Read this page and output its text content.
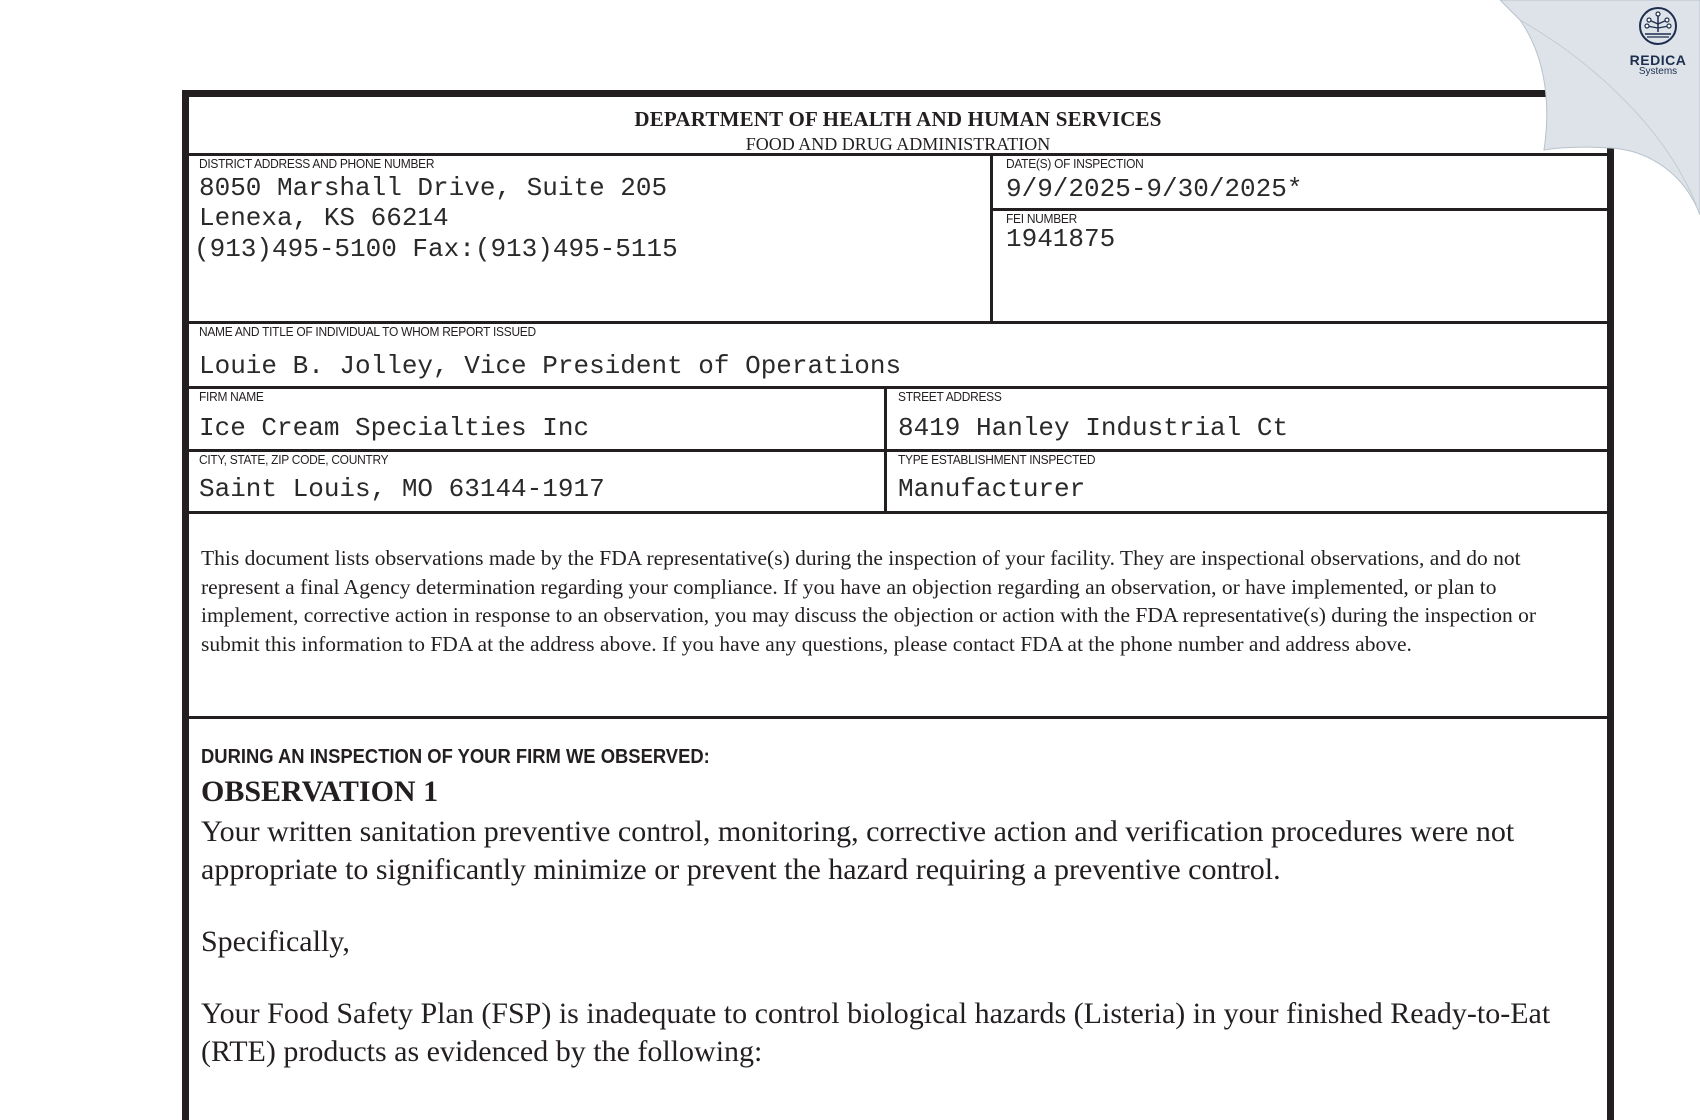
DEPARTMENT OF HEALTH AND HUMAN SERVICES
FOOD AND DRUG ADMINISTRATION
DISTRICT ADDRESS AND PHONE NUMBER
8050 Marshall Drive, Suite 205
Lenexa, KS 66214
(913)495-5100 Fax:(913)495-5115
DATE(S) OF INSPECTION
9/9/2025-9/30/2025*
FEI NUMBER
1941875
NAME AND TITLE OF INDIVIDUAL TO WHOM REPORT ISSUED
Louie B. Jolley, Vice President of Operations
FIRM NAME
Ice Cream Specialties Inc
STREET ADDRESS
8419 Hanley Industrial Ct
CITY, STATE, ZIP CODE, COUNTRY
Saint Louis, MO 63144-1917
TYPE ESTABLISHMENT INSPECTED
Manufacturer
This document lists observations made by the FDA representative(s) during the inspection of your facility. They are inspectional observations, and do not represent a final Agency determination regarding your compliance. If you have an objection regarding an observation, or have implemented, or plan to implement, corrective action in response to an observation, you may discuss the objection or action with the FDA representative(s) during the inspection or submit this information to FDA at the address above. If you have any questions, please contact FDA at the phone number and address above.
DURING AN INSPECTION OF YOUR FIRM WE OBSERVED:
OBSERVATION 1

Your written sanitation preventive control, monitoring, corrective action and verification procedures were not appropriate to significantly minimize or prevent the hazard requiring a preventive control.

Specifically,

Your Food Safety Plan (FSP) is inadequate to control biological hazards (Listeria) in your finished Ready-to-Eat (RTE) products as evidenced by the following:

REDICA
Systems
